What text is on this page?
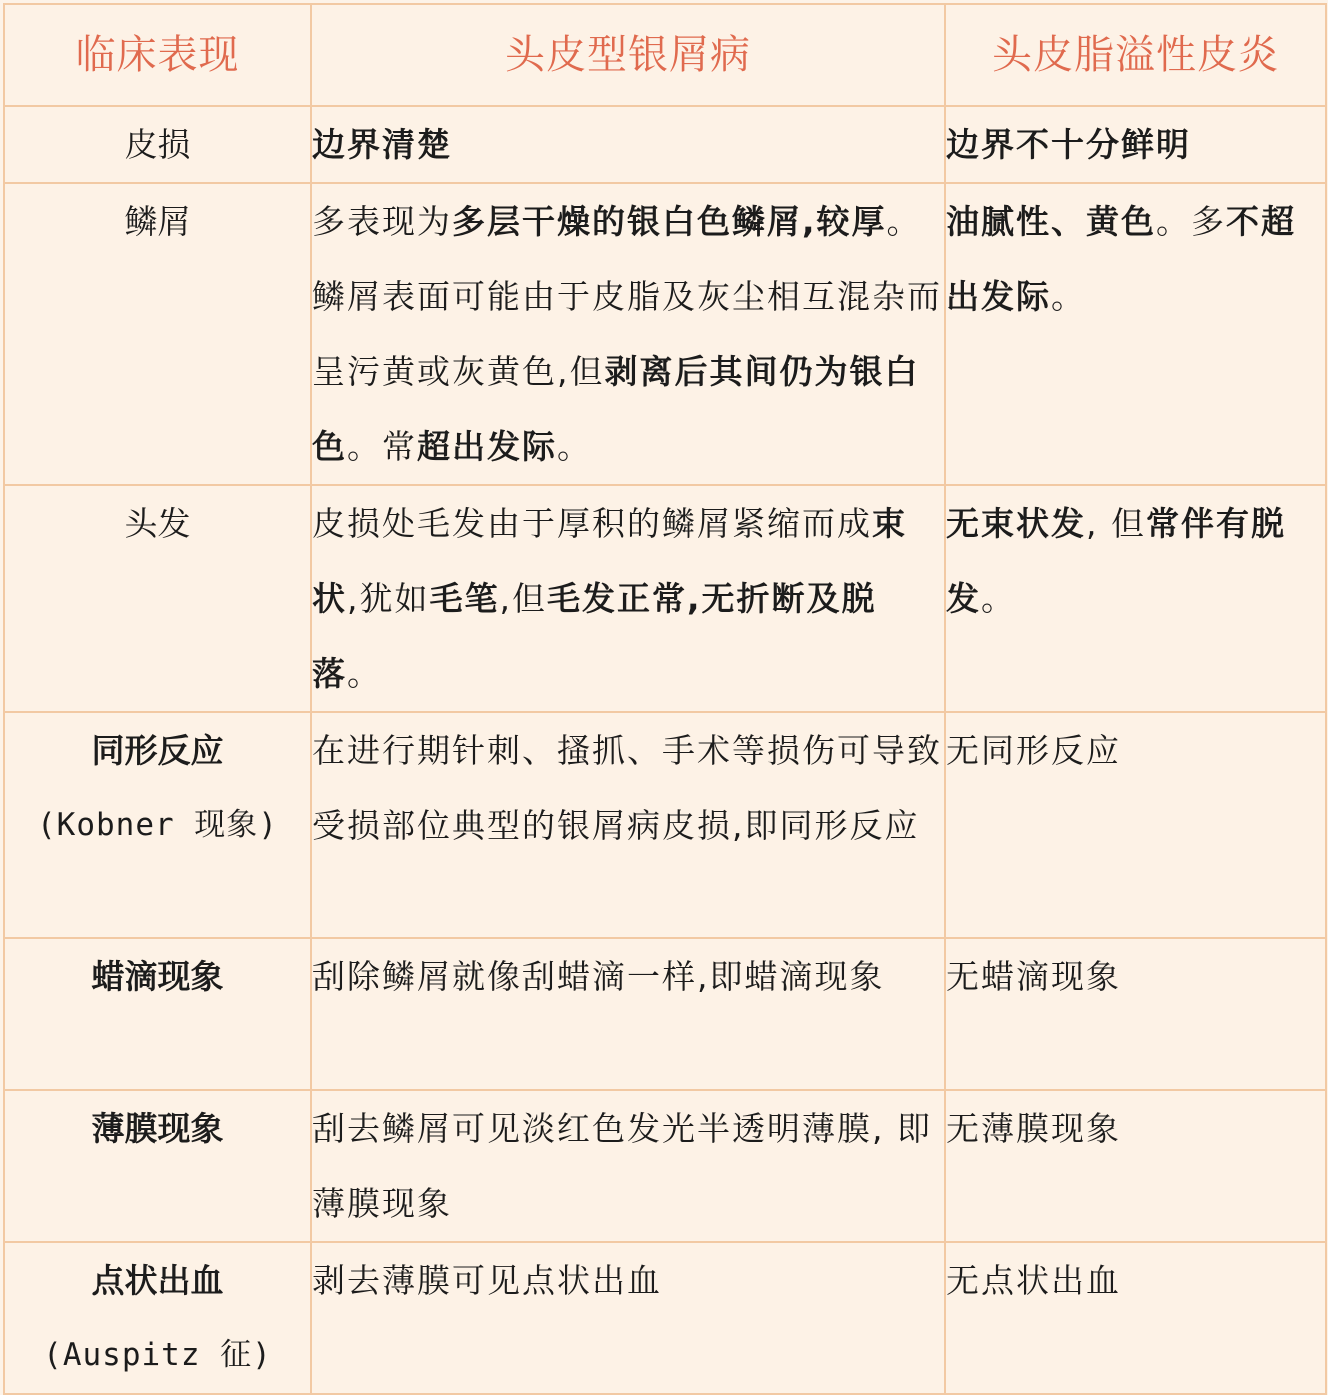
临床表现	头皮型银屑病	头皮脂溢性皮炎

皮损	边界清楚	边界不十分鲜明

鳞屑	多表现为多层干燥的银白色鳞屑,较厚。鳞屑表面可能由于皮脂及灰尘相互混杂而呈污黄或灰黄色,但剥离后其间仍为银白色。常超出发际。	油腻性、黄色。多不超出发际。

头发	皮损处毛发由于厚积的鳞屑紧缩而成束状,犹如毛笔,但毛发正常,无折断及脱落。	无束状发, 但常伴有脱发。

同形反应
(Kobner 现象)	在进行期针刺、搔抓、手术等损伤可导致受损部位典型的银屑病皮损,即同形反应	无同形反应

蜡滴现象	刮除鳞屑就像刮蜡滴一样,即蜡滴现象	无蜡滴现象

薄膜现象	刮去鳞屑可见淡红色发光半透明薄膜, 即薄膜现象	无薄膜现象

点状出血
(Auspitz 征)	剥去薄膜可见点状出血	无点状出血
